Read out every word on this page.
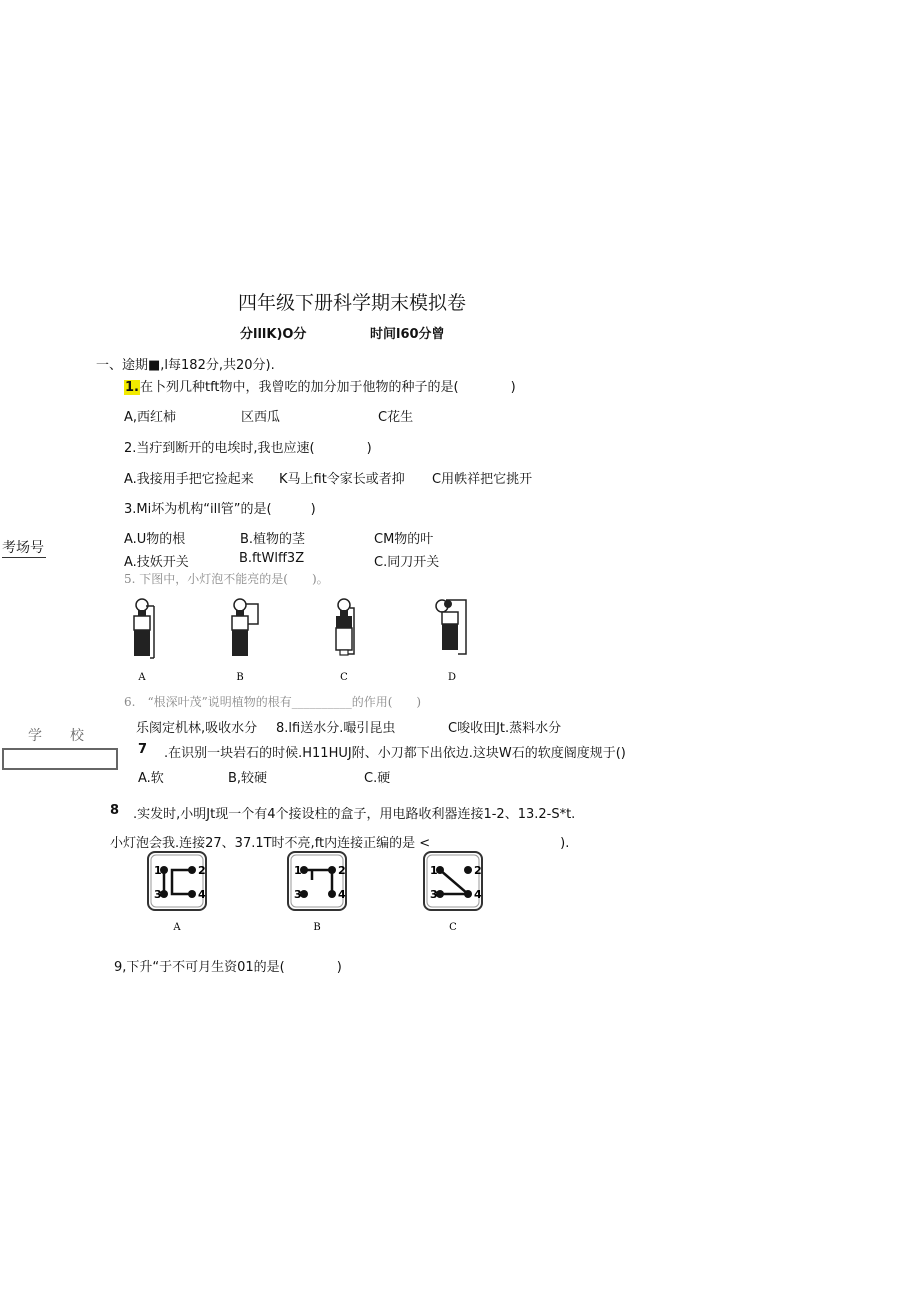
四年级下册科学期末模拟卷
分lllK)O分	时间l60分曾
一、途期■,l每182分,共20分).
1.在卜列几种tft物中，我曾吃的加分加于他物的种子的是(　　　　)
A,西红柿	区西瓜	C花生
2.当疔到断开的电埃时,我也应速(　　　　)
A.我接用手把它捡起来 K马上fit令家长或者抑 C用帙祥把它挑开
3.Mi坏为机构“ill管”的是(　　　)
A.U物的根	B.植物的茎	CM物的叶
考场号
A.技妖开关	B.ftWlff3Z	C.同刀开关
5. 下图中，小灯泡不能亮的是(　　)。
A	B	C	D
6.　“根深叶茂”说明植物的根有__________的作用(　　)
乐阂定机林,吸收水分 8.lfi送水分.嘬引昆虫	C唆收田Jt.蒸料水分
学　　校
7 .在识别一块岩石的时候.H11HUJ附、小刀都下出依边.这块W石的软度阍度规于()
A.软	B,较硬	C.硬
8 .实发时,小明Jt现一个有4个接设柱的盒子，用电路收利器连接1-2、13.2-S*t.
小灯泡会我.连接27、37.1T时不亮,ft内连接正编的是 <　　　　　　　　　　).
1	2
3	4
A
1	2
3	4
B
1	2
3	4
C
9,下升“于不可月生资01的是(　　　　)
